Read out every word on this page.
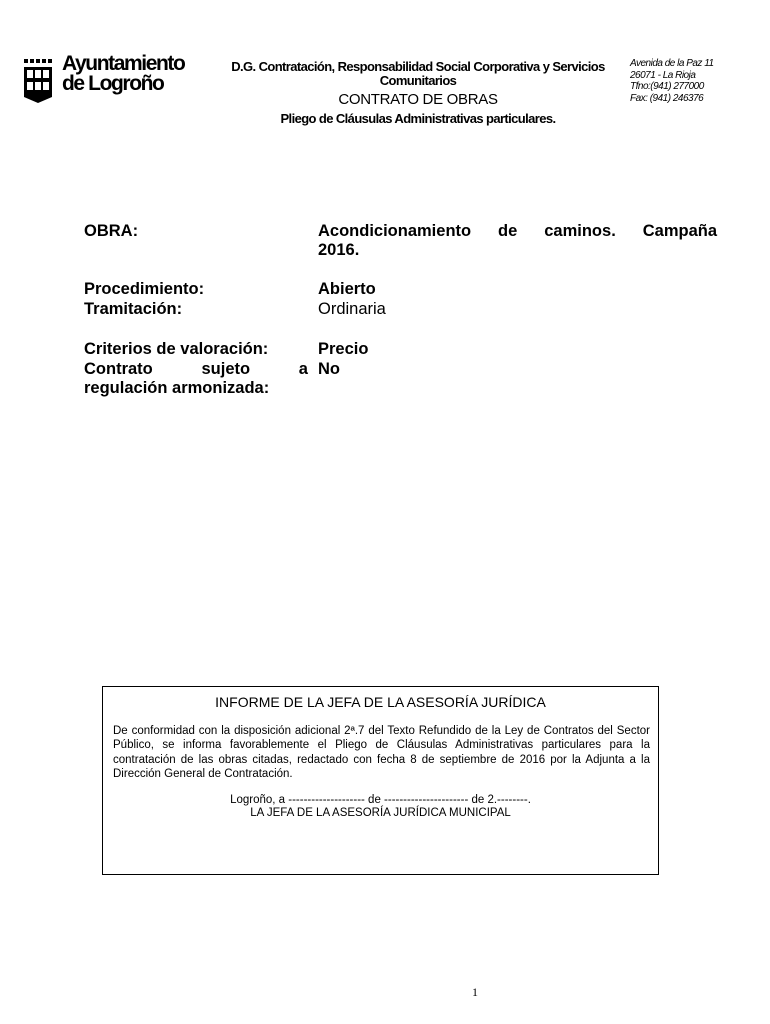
Ayuntamiento
de Logroño
D.G. Contratación, Responsabilidad Social Corporativa y Servicios
Comunitarios
CONTRATO DE OBRAS
Pliego de Cláusulas Administrativas particulares.
Avenida de la Paz 11
26071 - La Rioja
Tfno:(941) 277000
Fax: (941) 246376
OBRA:	Acondicionamiento de caminos. Campaña
2016.
Procedimiento:	Abierto
Tramitación:	Ordinaria
Criterios de valoración:	Precio
Contrato sujeto a
regulación armonizada:
No
INFORME DE LA JEFA DE LA ASESORÍA JURÍDICA
De conformidad con la disposición adicional 2ª.7 del Texto Refundido de la Ley de Contratos del Sector Público, se informa favorablemente el Pliego de Cláusulas Administrativas particulares para la contratación de las obras citadas, redactado con fecha 8 de septiembre de 2016 por la Adjunta a la Dirección General de Contratación.
Logroño, a -------------------- de ---------------------- de 2.--------.
LA JEFA DE LA ASESORÍA JURÍDICA MUNICIPAL
1
